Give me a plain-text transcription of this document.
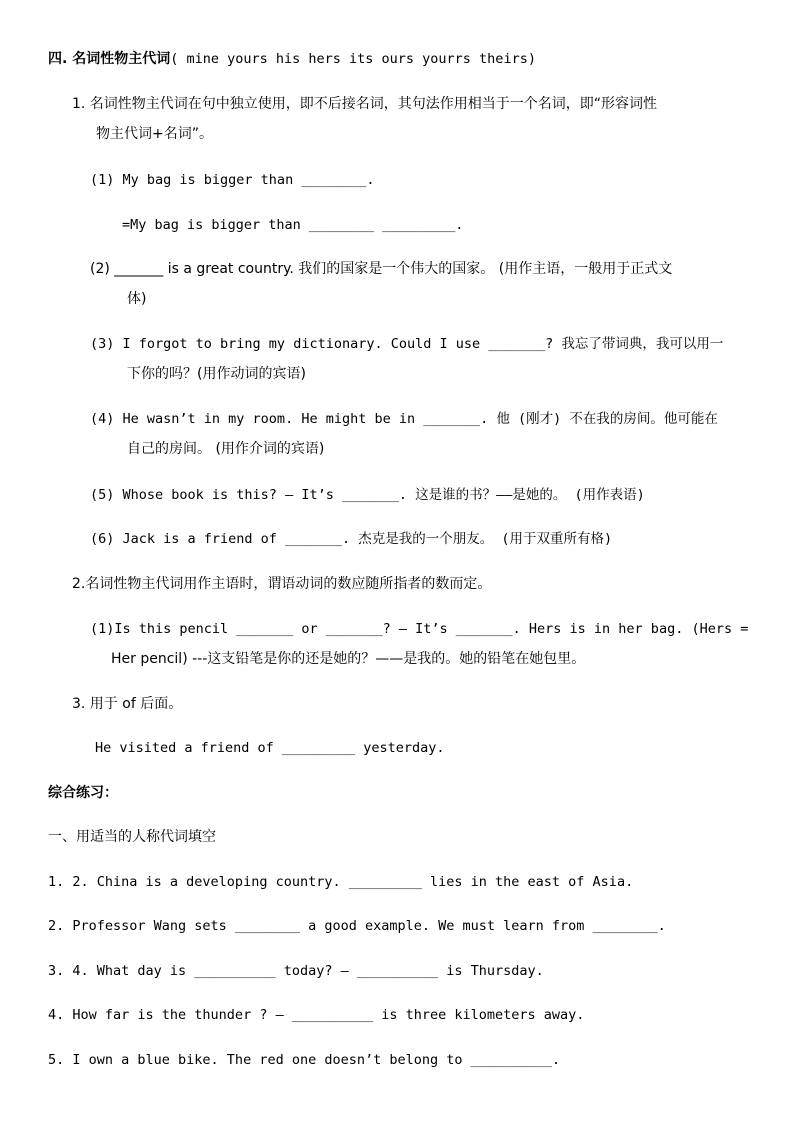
四. 名词性物主代词( mine yours his hers its ours yourrs theirs)
1. 名词性物主代词在句中独立使用，即不后接名词，其句法作用相当于一个名词，即“形容词性
物主代词+名词”。
(1) My bag is bigger than ________.
=My bag is bigger than ________ _________.
(2) _______ is a great country. 我们的国家是一个伟大的国家。 (用作主语，一般用于正式文
体)
(3) I forgot to bring my dictionary. Could I use _______? 我忘了带词典，我可以用一
下你的吗？(用作动词的宾语)
(4) He wasn’t in my room. He might be in _______. 他 (刚才) 不在我的房间。他可能在
自己的房间。 (用作介词的宾语)
(5) Whose book is this? — It’s _______. 这是谁的书？——是她的。 (用作表语)
(6) Jack is a friend of _______. 杰克是我的一个朋友。 (用于双重所有格)
2.名词性物主代词用作主语时，谓语动词的数应随所指者的数而定。
(1)Is this pencil _______ or _______? — It’s _______. Hers is in her bag. (Hers =
Her pencil) ---这支铅笔是你的还是她的？——是我的。她的铅笔在她包里。
3. 用于 of 后面。
He visited a friend of _________ yesterday.
综合练习：
一、用适当的人称代词填空
1. 2. China is a developing country. _________ lies in the east of Asia.
2. Professor Wang sets ________ a good example. We must learn from ________.
3. 4. What day is __________ today? — __________ is Thursday.
4. How far is the thunder ? — __________ is three kilometers away.
5. I own a blue bike. The red one doesn’t belong to __________.
